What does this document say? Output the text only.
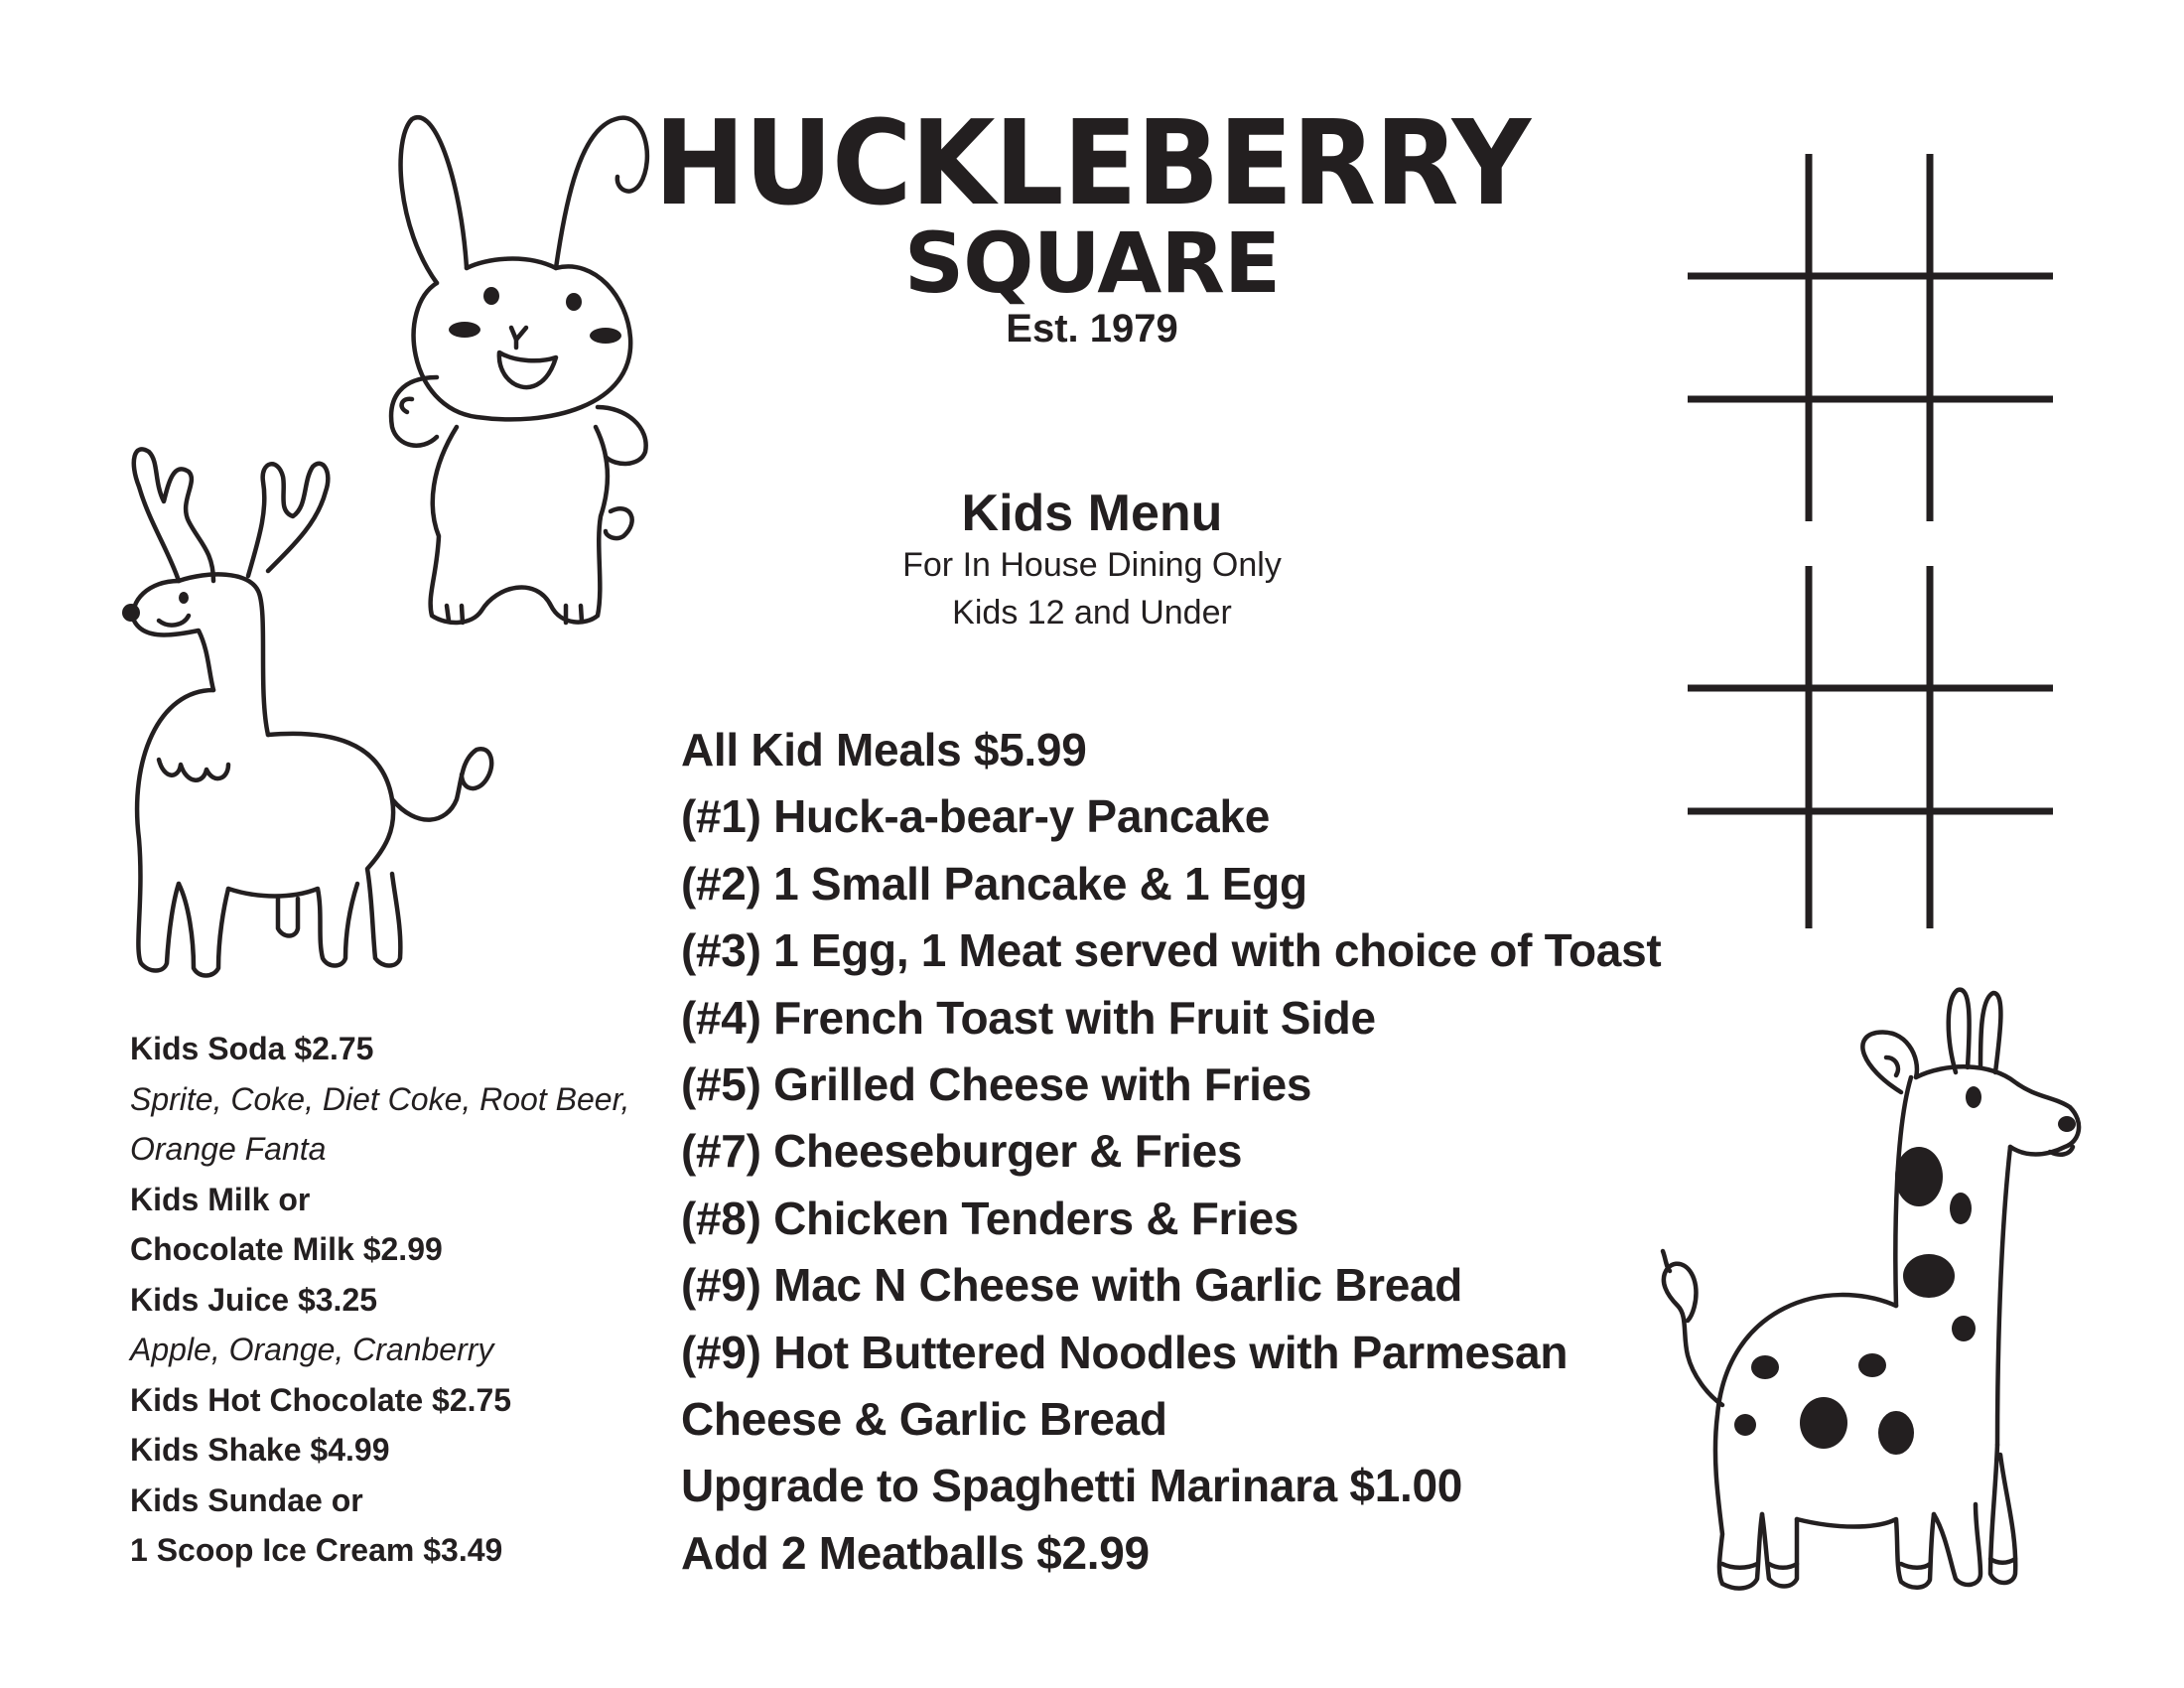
HUCKLEBERRY
SQUARE
Est. 1979
Kids Menu
For In House Dining Only
Kids 12 and Under
All Kid Meals $5.99
(#1) Huck-a-bear-y Pancake
(#2) 1 Small Pancake & 1 Egg
(#3) 1 Egg, 1 Meat served with choice of Toast
(#4) French Toast with Fruit Side
(#5) Grilled Cheese with Fries
(#7) Cheeseburger & Fries
(#8) Chicken Tenders & Fries
(#9) Mac N Cheese with Garlic Bread
(#9) Hot Buttered Noodles with Parmesan
Cheese & Garlic Bread
Upgrade to Spaghetti Marinara $1.00
Add 2 Meatballs $2.99
Kids Soda $2.75
Sprite, Coke, Diet Coke, Root Beer,
Orange Fanta
Kids Milk or
Chocolate Milk $2.99
Kids Juice $3.25
Apple, Orange, Cranberry
Kids Hot Chocolate $2.75
Kids Shake $4.99
Kids Sundae or
1 Scoop Ice Cream $3.49
